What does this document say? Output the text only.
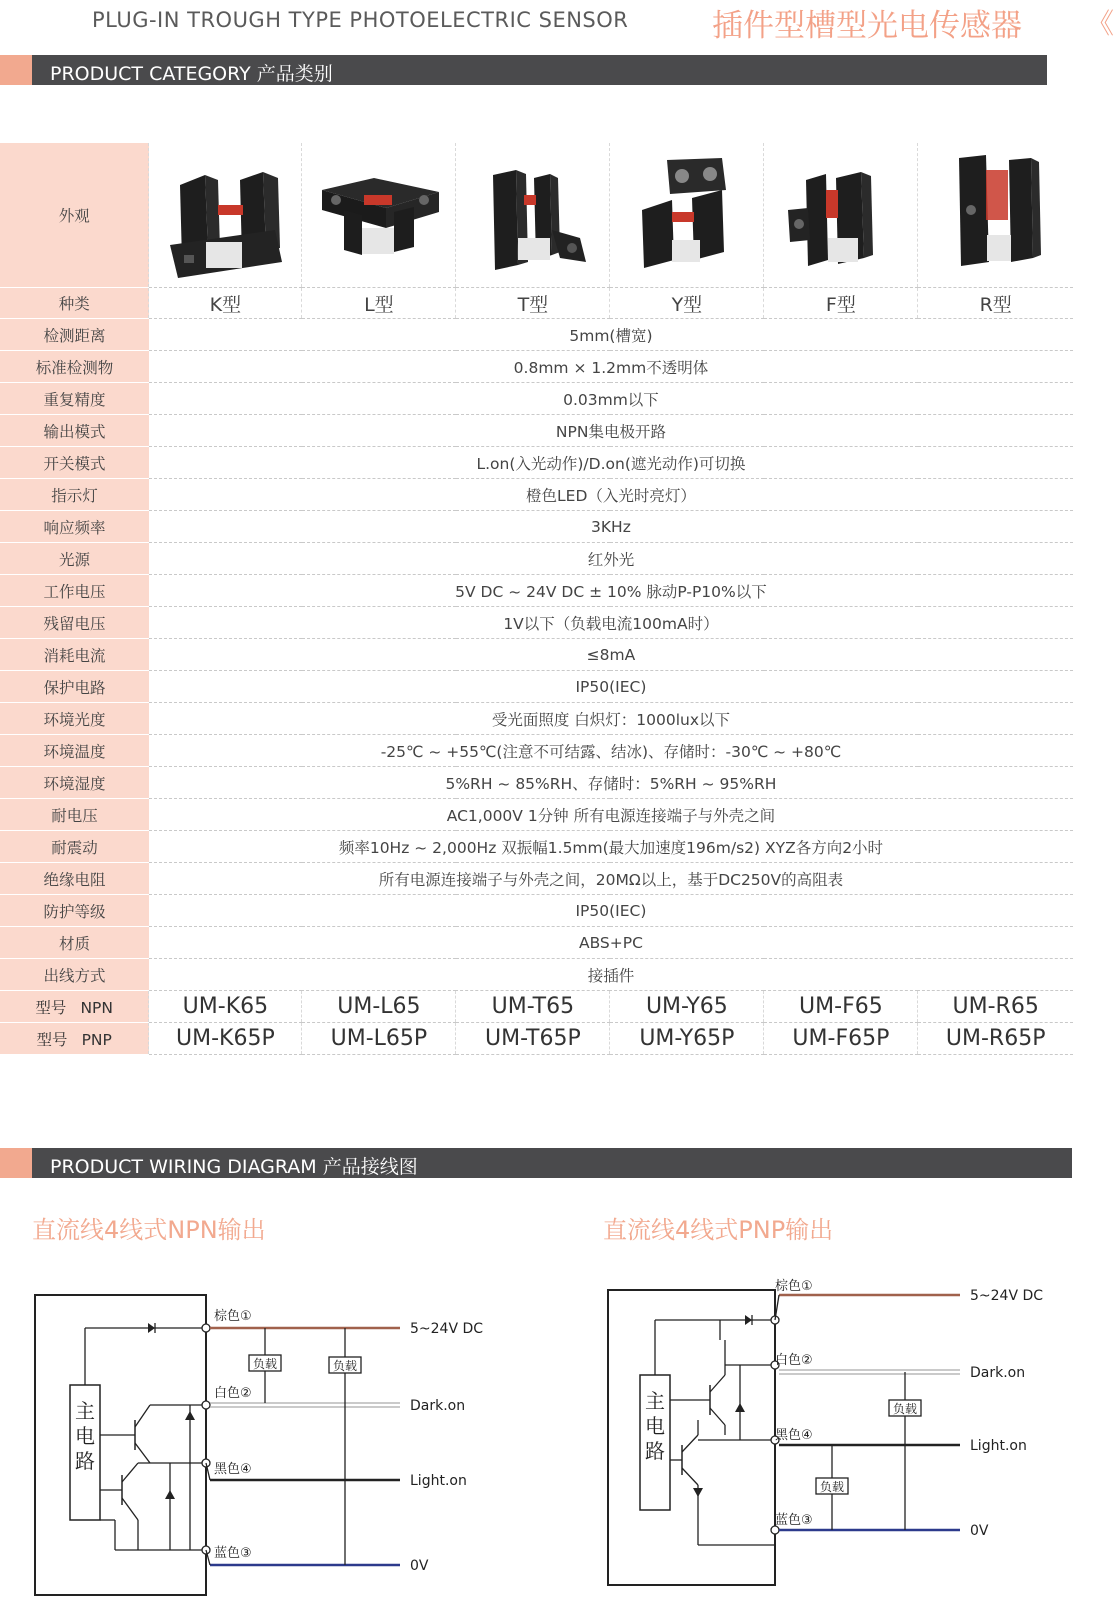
PLUG-IN TROUGH TYPE PHOTOELECTRIC SENSOR	插件型槽型光电传感器 《
PRODUCT CATEGORY 产品类别
外观	

种类	K型	L型	T型	Y型	F型	R型
检测距离	5mm(槽宽)					
标准检测物	0.8mm × 1.2mm不透明体					
重复精度	0.03mm以下					
输出模式	NPN集电极开路					
开关模式	L.on(入光动作)/D.on(遮光动作)可切换					
指示灯	橙色LED（入光时亮灯）					
响应频率	3KHz					
光源	红外光					
工作电压	5V DC ~ 24V DC ± 10% 脉动P-P10%以下					
残留电压	1V以下（负载电流100mA时）					
消耗电流	≤8mA					
保护电路	IP50(IEC)					
环境光度	受光面照度 白炽灯：1000lux以下					
环境温度	-25℃ ~ +55℃(注意不可结露、结冰)、存储时：-30℃ ~ +80℃					
环境湿度	5%RH ~ 85%RH、存储时：5%RH ~ 95%RH					
耐电压	AC1,000V 1分钟 所有电源连接端子与外壳之间					
耐震动	频率10Hz ~ 2,000Hz 双振幅1.5mm(最大加速度196m/s2) XYZ各方向2小时					
绝缘电阻	所有电源连接端子与外壳之间，20MΩ以上，基于DC250V的高阻表					
防护等级	IP50(IEC)					
材质	ABS+PC					
出线方式	接插件					
型号 NPN	UM-K65	UM-L65	UM-T65	UM-Y65	UM-F65	UM-R65
型号 PNP	UM-K65P	UM-L65P	UM-T65P	UM-Y65P	UM-F65P	UM-R65P
PRODUCT WIRING DIAGRAM 产品接线图
直流线4线式NPN输出	直流线4线式PNP输出
主
电
路
负载	负载
棕色①
白色②
黑色④
蓝色③
5~24V DC
Dark.on
Light.on
0V
主
电
路
负载
负载
棕色①
白色②
黑色④
蓝色③
5~24V DC
Dark.on
Light.on
0V
